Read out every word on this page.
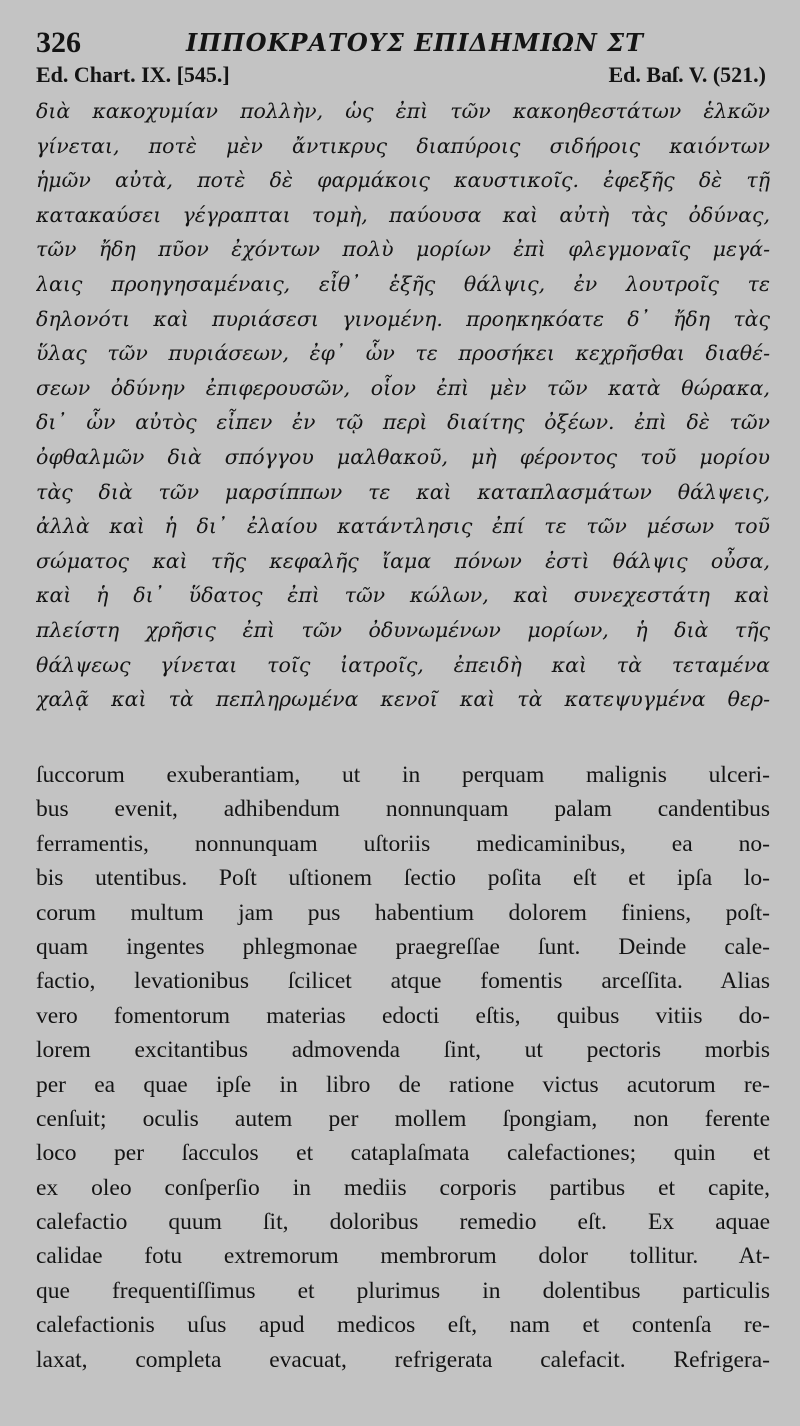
326	ΙΠΠΟΚΡΑΤΟΥΣ ΕΠΙΔΗΜΙΩΝ ΣΤ
Ed. Chart. IX. [545.]	Ed. Baſ. V. (521.)
διὰ κακοχυμίαν πολλὴν, ὡς ἐπὶ τῶν κακοηθεστάτων ἑλκῶν
γίνεται, ποτὲ μὲν ἄντικρυς διαπύροις σιδήροις καιόντων
ἡμῶν αὐτὰ, ποτὲ δὲ φαρμάκοις καυστικοῖς. ἐφεξῆς δὲ τῇ
κατακαύσει γέγραπται τομὴ, παύουσα καὶ αὐτὴ τὰς ὀδύνας,
τῶν ἤδη πῦον ἐχόντων πολὺ μορίων ἐπὶ φλεγμοναῖς μεγά-
λαις προηγησαμέναις, εἶθ᾽ ἑξῆς θάλψις, ἐν λουτροῖς τε
δηλονότι καὶ πυριάσεσι γινομένη. προηκηκόατε δ᾽ ἤδη τὰς
ὕλας τῶν πυριάσεων, ἐφ᾽ ὧν τε προσήκει κεχρῆσθαι διαθέ-
σεων ὀδύνην ἐπιφερουσῶν, οἷον ἐπὶ μὲν τῶν κατὰ θώρακα,
δι᾽ ὧν αὐτὸς εἶπεν ἐν τῷ περὶ διαίτης ὀξέων. ἐπὶ δὲ τῶν
ὀφθαλμῶν διὰ σπόγγου μαλθακοῦ, μὴ φέροντος τοῦ μορίου
τὰς διὰ τῶν μαρσίππων τε καὶ καταπλασμάτων θάλψεις,
ἀλλὰ καὶ ἡ δι᾽ ἐλαίου κατάντλησις ἐπί τε τῶν μέσων τοῦ
σώματος καὶ τῆς κεφαλῆς ἴαμα πόνων ἐστὶ θάλψις οὖσα,
καὶ ἡ δι᾽ ὕδατος ἐπὶ τῶν κώλων, καὶ συνεχεστάτη καὶ
πλείστη χρῆσις ἐπὶ τῶν ὀδυνωμένων μορίων, ἡ διὰ τῆς
θάλψεως γίνεται τοῖς ἰατροῖς, ἐπειδὴ καὶ τὰ τεταμένα
χαλᾷ καὶ τὰ πεπληρωμένα κενοῖ καὶ τὰ κατεψυγμένα θερ-
ſuccorum exuberantiam, ut in perquam malignis ulceri-
bus evenit, adhibendum nonnunquam palam candentibus
ferramentis, nonnunquam uſtoriis medicaminibus, ea no-
bis utentibus. Poſt uſtionem ſectio poſita eſt et ipſa lo-
corum multum jam pus habentium dolorem finiens, poſt-
quam ingentes phlegmonae praegreſſae ſunt. Deinde cale-
factio, levationibus ſcilicet atque fomentis arceſſita. Alias
vero fomentorum materias edocti eſtis, quibus vitiis do-
lorem excitantibus admovenda ſint, ut pectoris morbis
per ea quae ipſe in libro de ratione victus acutorum re-
cenſuit; oculis autem per mollem ſpongiam, non ferente
loco per ſacculos et cataplaſmata calefactiones; quin et
ex oleo conſperſio in mediis corporis partibus et capite,
calefactio quum ſit, doloribus remedio eſt. Ex aquae
calidae fotu extremorum membrorum dolor tollitur. At-
que frequentiſſimus et plurimus in dolentibus particulis
calefactionis uſus apud medicos eſt, nam et contenſa re-
laxat, completa evacuat, refrigerata calefacit. Refrigera-
